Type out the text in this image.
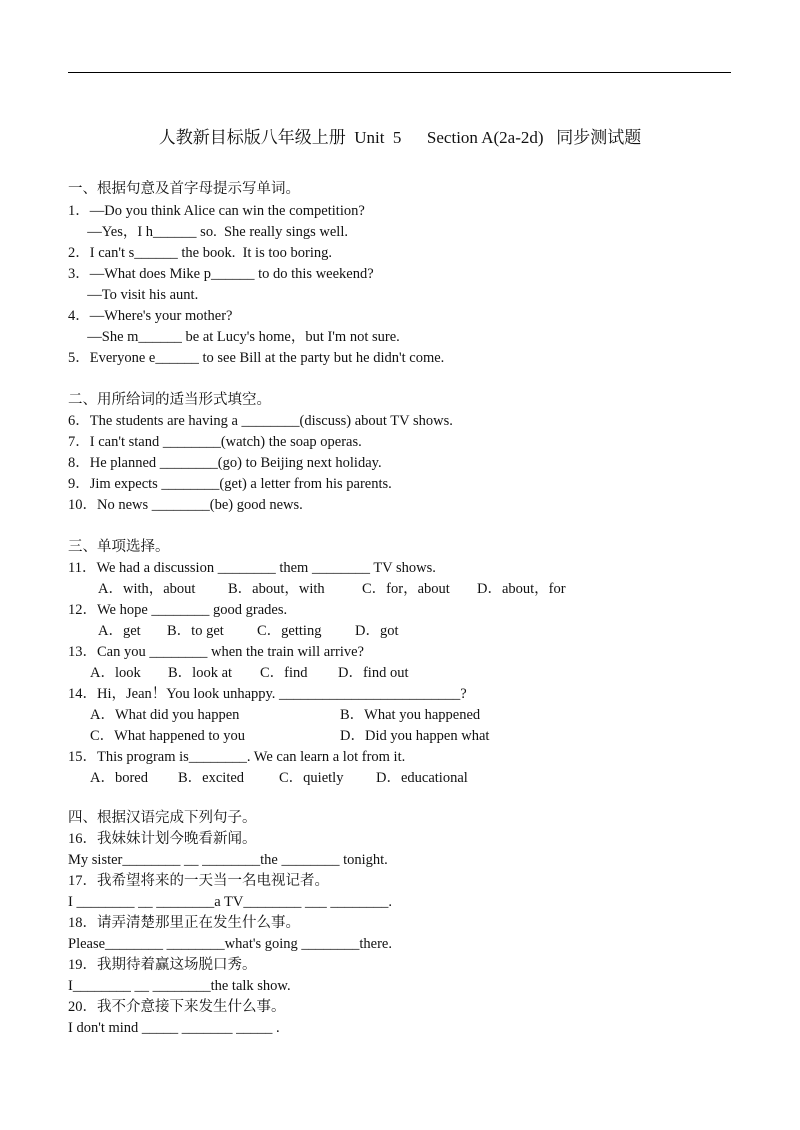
人教新目标版八年级上册  Unit  5      Section A(2a-2d)   同步测试题
一、根据句意及首字母提示写单词。
1．—Do you think Alice can win the competition?
—Yes，I h______ so.  She really sings well.
2．I can't s______ the book.  It is too boring.
3．—What does Mike p______ to do this weekend?
—To visit his aunt.
4．—Where's your mother?
—She m______ be at Lucy's home，but I'm not sure.
5．Everyone e______ to see Bill at the party but he didn't come.
二、用所给词的适当形式填空。
6．The students are having a ________(discuss) about TV shows.
7．I can't stand ________(watch) the soap operas.
8．He planned ________(go) to Beijing next holiday.
9．Jim expects ________(get) a letter from his parents.
10．No news ________(be) good news.
三、单项选择。
11．We had a discussion ________ them ________ TV shows.
A．with，about B．about，with	C．for，about D．about，for
12．We hope ________ good grades.
A．get B．to get C．getting D．got
13．Can you ________ when the train will arrive?
A．look B．look at C．find D．find out
14．Hi，Jean！You look unhappy. _________________________?
A．What did you happen	B．What you happened
C．What happened to you	D．Did you happen what
15．This program is________. We can learn a lot from it.
A．bored B．excited C．quietly D．educational
四、根据汉语完成下列句子。
16．我妹妹计划今晚看新闻。
My sister________ __ ________the ________ tonight.
17．我希望将来的一天当一名电视记者。
I ________ __ ________a TV________ ___ ________.
18．请弄清楚那里正在发生什么事。
Please________ ________what's going ________there.
19．我期待着赢这场脱口秀。
I________ __ ________the talk show.
20．我不介意接下来发生什么事。
I don't mind _____ _______ _____ .
